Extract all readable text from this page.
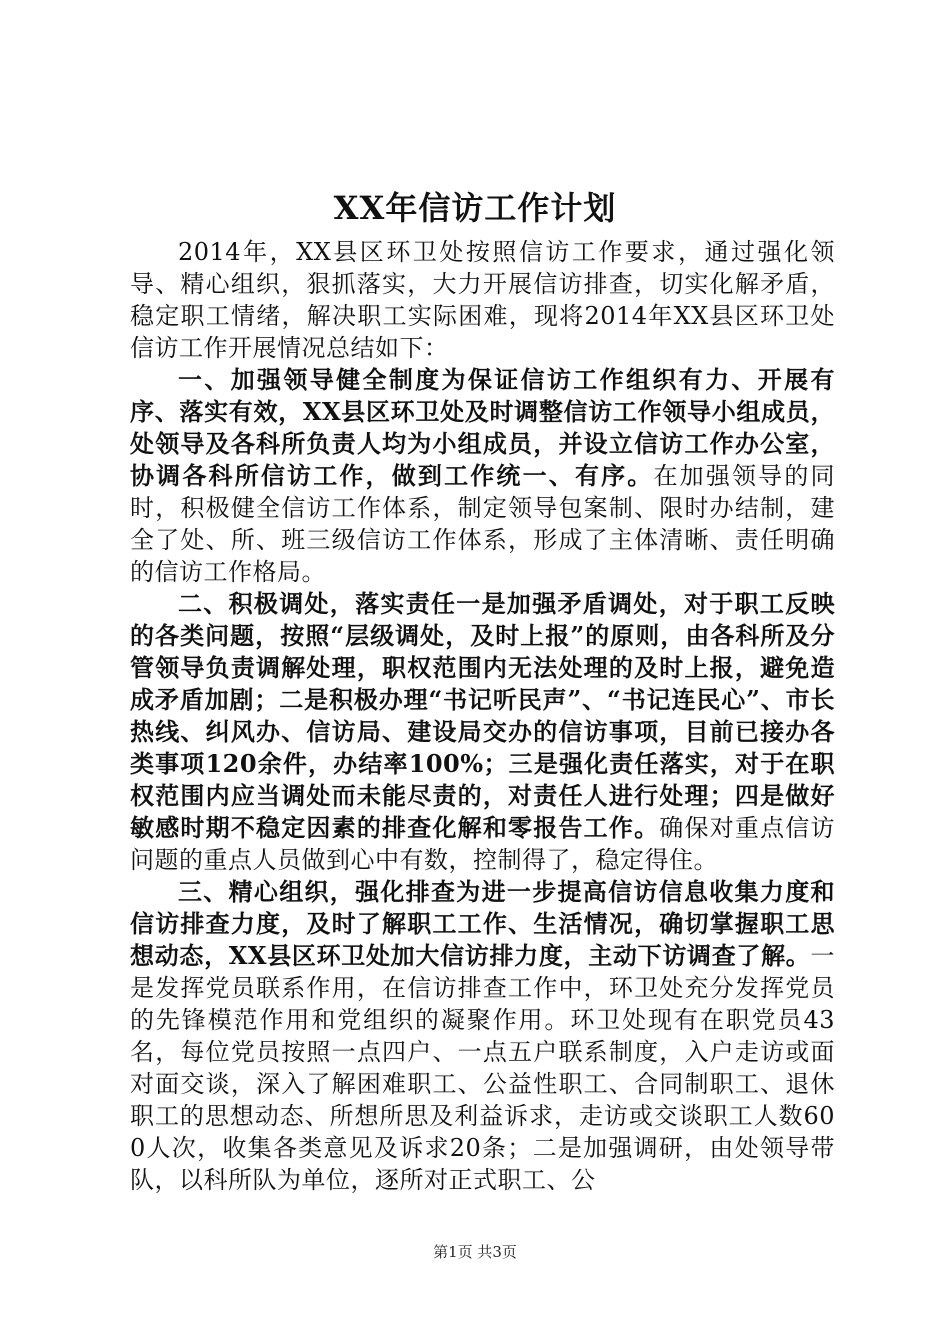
XX年信访工作计划

2014年，XX县区环卫处按照信访工作要求，通过强化领导、精心组织，狠抓落实，大力开展信访排查，切实化解矛盾，稳定职工情绪，解决职工实际困难，现将2014年XX县区环卫处信访工作开展情况总结如下：

一、加强领导健全制度为保证信访工作组织有力、开展有序、落实有效，XX县区环卫处及时调整信访工作领导小组成员，处领导及各科所负责人均为小组成员，并设立信访工作办公室，协调各科所信访工作，做到工作统一、有序。在加强领导的同时，积极健全信访工作体系，制定领导包案制、限时办结制，建全了处、所、班三级信访工作体系，形成了主体清晰、责任明确的信访工作格局。

二、积极调处，落实责任一是加强矛盾调处，对于职工反映的各类问题，按照“层级调处，及时上报”的原则，由各科所及分管领导负责调解处理，职权范围内无法处理的及时上报，避免造成矛盾加剧；二是积极办理“书记听民声”、“书记连民心”、市长热线、纠风办、信访局、建设局交办的信访事项，目前已接办各类事项120余件，办结率100%；三是强化责任落实，对于在职权范围内应当调处而未能尽责的，对责任人进行处理；四是做好敏感时期不稳定因素的排查化解和零报告工作。确保对重点信访问题的重点人员做到心中有数，控制得了，稳定得住。

三、精心组织，强化排查为进一步提高信访信息收集力度和信访排查力度，及时了解职工工作、生活情况，确切掌握职工思想动态，XX县区环卫处加大信访排力度，主动下访调查了解。一是发挥党员联系作用，在信访排查工作中，环卫处充分发挥党员的先锋模范作用和党组织的凝聚作用。环卫处现有在职党员43名，每位党员按照一点四户、一点五户联系制度，入户走访或面对面交谈，深入了解困难职工、公益性职工、合同制职工、退休职工的思想动态、所想所思及利益诉求，走访或交谈职工人数600人次，收集各类意见及诉求20条；二是加强调研，由处领导带队，以科所队为单位，逐所对正式职工、公

第1页 共3页
